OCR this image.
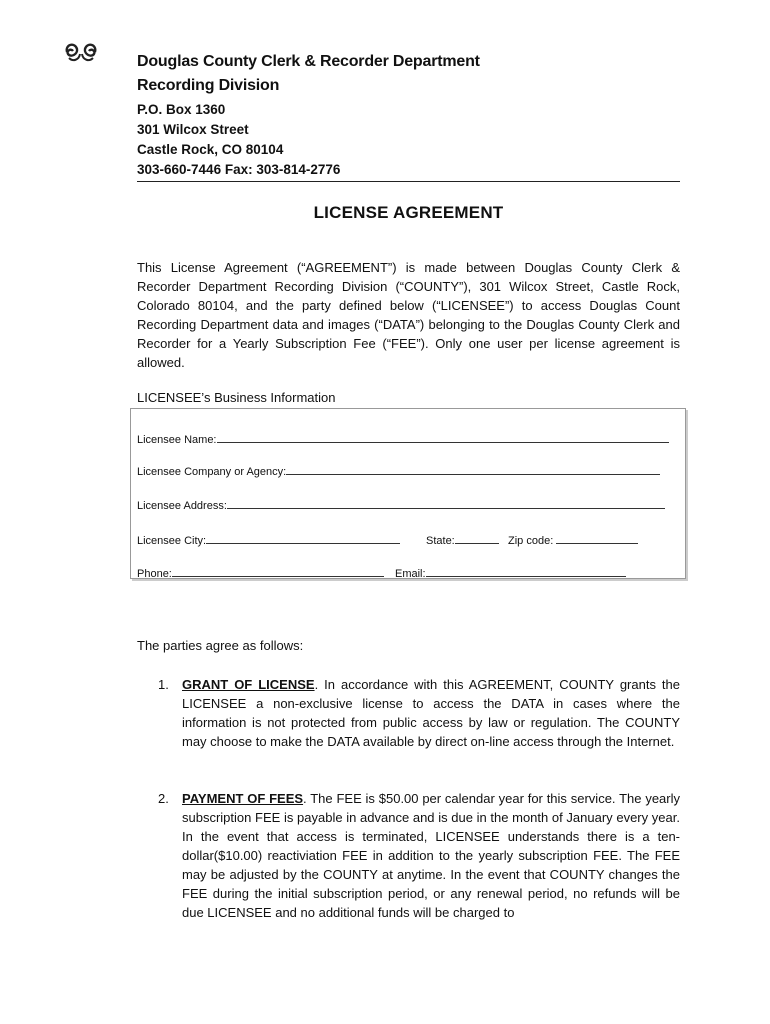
Douglas County Clerk & Recorder Department
Recording Division
P.O. Box 1360
301 Wilcox Street
Castle Rock, CO 80104
303-660-7446 Fax: 303-814-2776
LICENSE AGREEMENT
This License Agreement (“AGREEMENT”) is made between Douglas County Clerk & Recorder Department Recording Division (“COUNTY”), 301 Wilcox Street, Castle Rock, Colorado 80104, and the party defined below (“LICENSEE”) to access Douglas Count Recording Department data and images (“DATA”) belonging to the Douglas County Clerk and Recorder for a Yearly Subscription Fee (“FEE”). Only one user per license agreement is allowed.
LICENSEE’s Business Information
Licensee Name:
Licensee Company or Agency:
Licensee Address:
Licensee City:	State:	Zip code:
Phone:	Email:
The parties agree as follows:
1. GRANT OF LICENSE. In accordance with this AGREEMENT, COUNTY grants the LICENSEE a non-exclusive license to access the DATA in cases where the information is not protected from public access by law or regulation. The COUNTY may choose to make the DATA available by direct on-line access through the Internet.
2. PAYMENT OF FEES. The FEE is $50.00 per calendar year for this service. The yearly subscription FEE is payable in advance and is due in the month of January every year. In the event that access is terminated, LICENSEE understands there is a ten-dollar($10.00) reactiviation FEE in addition to the yearly subscription FEE. The FEE may be adjusted by the COUNTY at anytime. In the event that COUNTY changes the FEE during the initial subscription period, or any renewal period, no refunds will be due LICENSEE and no additional funds will be charged to
